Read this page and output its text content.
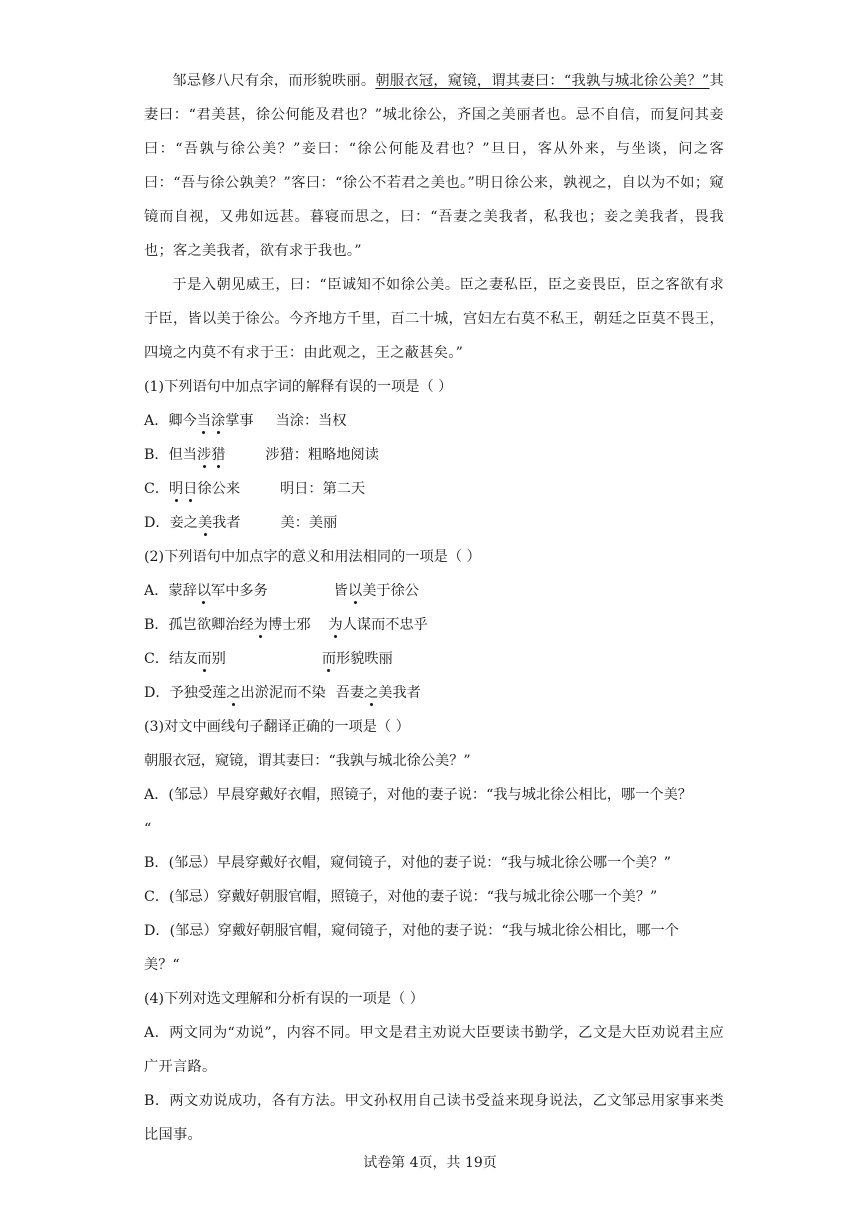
邹忌修八尺有余，而形貌昳丽。朝服衣冠，窥镜，谓其妻曰：“我孰与城北徐公美？”其妻曰：“君美甚，徐公何能及君也？”城北徐公，齐国之美丽者也。忌不自信，而复问其妾曰：“吾孰与徐公美？”妾曰：“徐公何能及君也？”旦日，客从外来，与坐谈，问之客曰：“吾与徐公孰美？”客曰：“徐公不若君之美也。”明日徐公来，孰视之，自以为不如；窥镜而自视，又弗如远甚。暮寝而思之，曰：“吾妻之美我者，私我也；妾之美我者，畏我也；客之美我者，欲有求于我也。”

于是入朝见威王，曰：“臣诚知不如徐公美。臣之妻私臣，臣之妾畏臣，臣之客欲有求于臣，皆以美于徐公。今齐地方千里，百二十城，宫妇左右莫不私王，朝廷之臣莫不畏王，四境之内莫不有求于王：由此观之，王之蔽甚矣。”

(1)下列语句中加点字词的解释有误的一项是（ ）

A．卿今当涂掌事 当涂：当权

B．但当涉猎	涉猎：粗略地阅读

C．明日徐公来	明日：第二天

D．妾之美我者	美：美丽

(2)下列语句中加点字的意义和用法相同的一项是（ ）

A．蒙辞以军中多务	皆以美于徐公

B．孤岂欲卿治经为博士邪 为人谋而不忠乎

C．结友而别	而形貌昳丽

D．予独受莲之出淤泥而不染 吾妻之美我者

(3)对文中画线句子翻译正确的一项是（ ）

朝服衣冠，窥镜，谓其妻曰：“我孰与城北徐公美？”

A．(邹忌）早晨穿戴好衣帽，照镜子，对他的妻子说：“我与城北徐公相比，哪一个美？

“

B．(邹忌）早晨穿戴好衣帽，窥伺镜子，对他的妻子说：“我与城北徐公哪一个美？”

C．(邹忌）穿戴好朝服官帽，照镜子，对他的妻子说：“我与城北徐公哪一个美？”

D．(邹忌）穿戴好朝服官帽，窥伺镜子，对他的妻子说：“我与城北徐公相比，哪一个

美？“

(4)下列对选文理解和分析有误的一项是（ ）

A．两文同为“劝说”，内容不同。甲文是君主劝说大臣要读书勤学，乙文是大臣劝说君主应广开言路。

B．两文劝说成功，各有方法。甲文孙权用自己读书受益来现身说法，乙文邹忌用家事来类比国事。

试卷第 4页，共 19页
